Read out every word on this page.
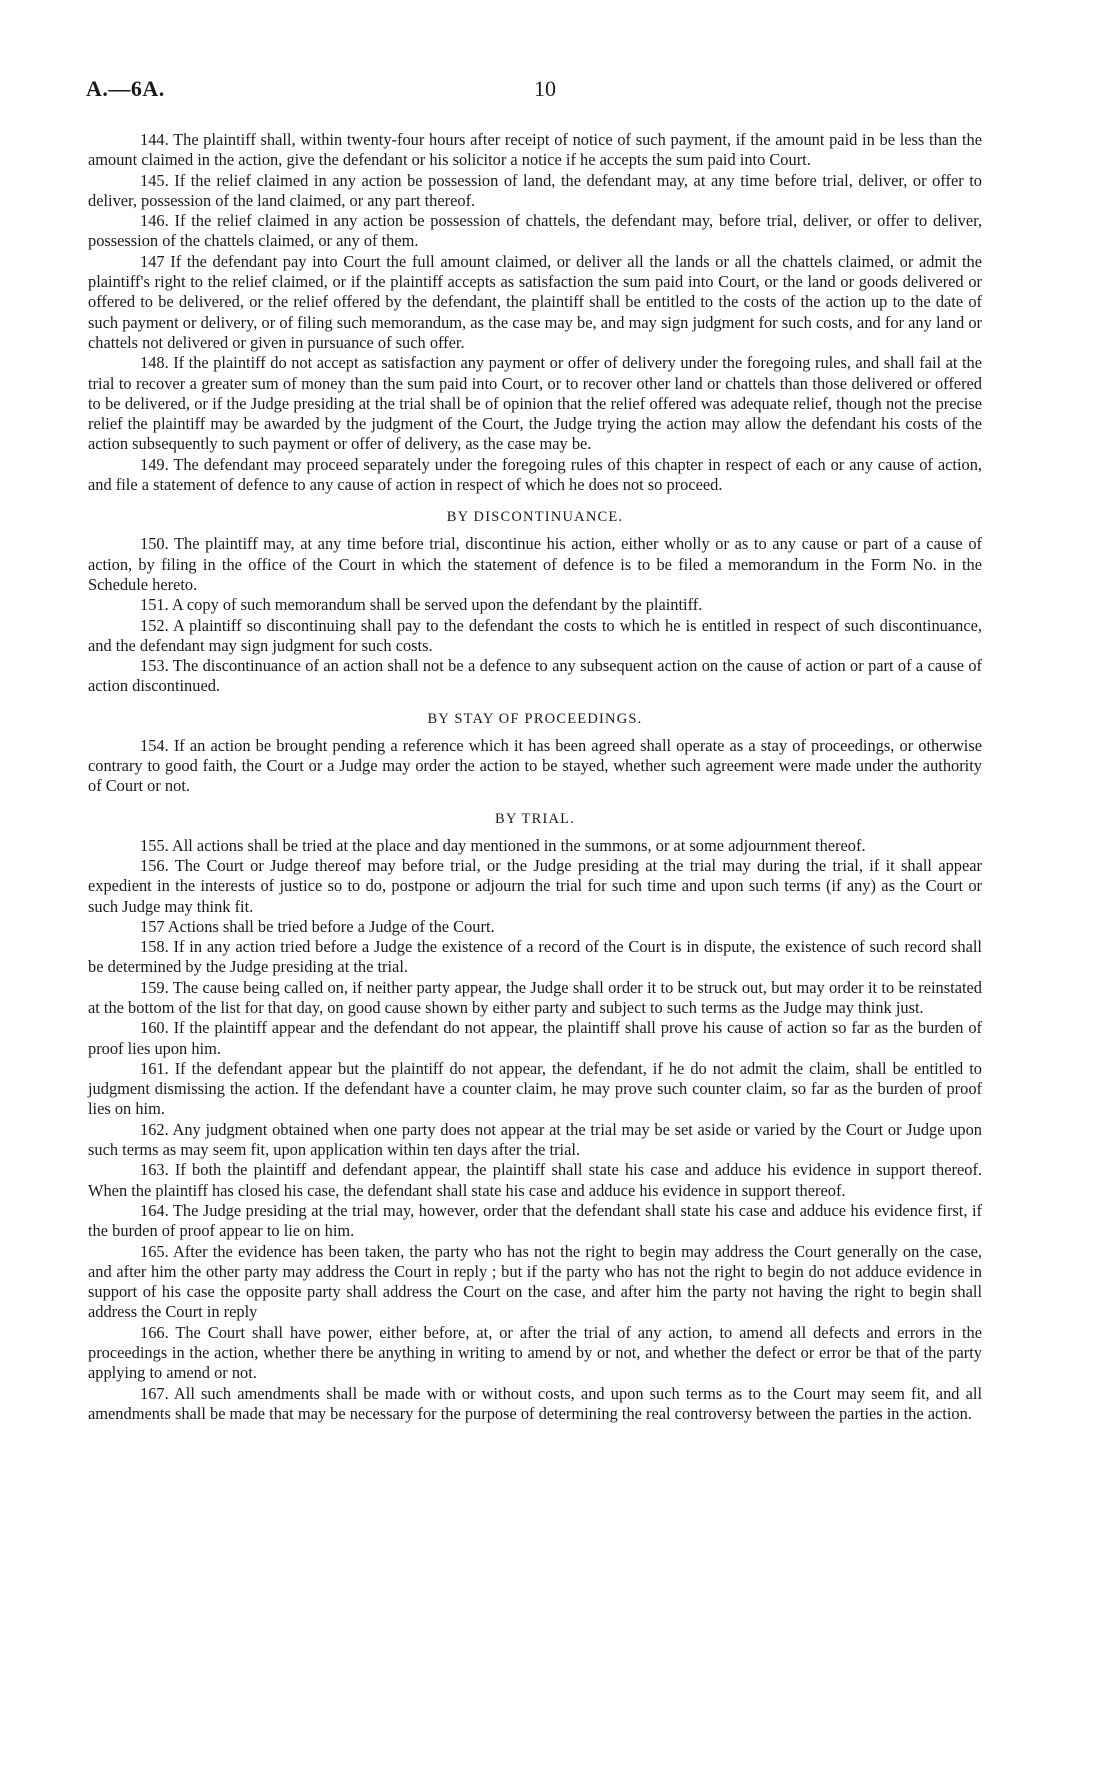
A.—6A.	10

144. The plaintiff shall, within twenty-four hours after receipt of notice of such payment, if the amount paid in be less than the amount claimed in the action, give the defendant or his solicitor a notice if he accepts the sum paid into Court.

145. If the relief claimed in any action be possession of land, the defendant may, at any time before trial, deliver, or offer to deliver, possession of the land claimed, or any part thereof.

146. If the relief claimed in any action be possession of chattels, the defendant may, before trial, deliver, or offer to deliver, possession of the chattels claimed, or any of them.

147 If the defendant pay into Court the full amount claimed, or deliver all the lands or all the chattels claimed, or admit the plaintiff's right to the relief claimed, or if the plaintiff accepts as satisfaction the sum paid into Court, or the land or goods delivered or offered to be delivered, or the relief offered by the defendant, the plaintiff shall be entitled to the costs of the action up to the date of such payment or delivery, or of filing such memorandum, as the case may be, and may sign judgment for such costs, and for any land or chattels not delivered or given in pursuance of such offer.

148. If the plaintiff do not accept as satisfaction any payment or offer of delivery under the foregoing rules, and shall fail at the trial to recover a greater sum of money than the sum paid into Court, or to recover other land or chattels than those delivered or offered to be delivered, or if the Judge presiding at the trial shall be of opinion that the relief offered was adequate relief, though not the precise relief the plaintiff may be awarded by the judgment of the Court, the Judge trying the action may allow the defendant his costs of the action subsequently to such payment or offer of delivery, as the case may be.

149. The defendant may proceed separately under the foregoing rules of this chapter in respect of each or any cause of action, and file a statement of defence to any cause of action in respect of which he does not so proceed.

BY DISCONTINUANCE.

150. The plaintiff may, at any time before trial, discontinue his action, either wholly or as to any cause or part of a cause of action, by filing in the office of the Court in which the statement of defence is to be filed a memorandum in the Form No. in the Schedule hereto.

151. A copy of such memorandum shall be served upon the defendant by the plaintiff.

152. A plaintiff so discontinuing shall pay to the defendant the costs to which he is entitled in respect of such discontinuance, and the defendant may sign judgment for such costs.

153. The discontinuance of an action shall not be a defence to any subsequent action on the cause of action or part of a cause of action discontinued.

BY STAY OF PROCEEDINGS.

154. If an action be brought pending a reference which it has been agreed shall operate as a stay of proceedings, or otherwise contrary to good faith, the Court or a Judge may order the action to be stayed, whether such agreement were made under the authority of Court or not.

BY TRIAL.

155. All actions shall be tried at the place and day mentioned in the summons, or at some adjournment thereof.

156. The Court or Judge thereof may before trial, or the Judge presiding at the trial may during the trial, if it shall appear expedient in the interests of justice so to do, postpone or adjourn the trial for such time and upon such terms (if any) as the Court or such Judge may think fit.

157 Actions shall be tried before a Judge of the Court.

158. If in any action tried before a Judge the existence of a record of the Court is in dispute, the existence of such record shall be determined by the Judge presiding at the trial.

159. The cause being called on, if neither party appear, the Judge shall order it to be struck out, but may order it to be reinstated at the bottom of the list for that day, on good cause shown by either party and subject to such terms as the Judge may think just.

160. If the plaintiff appear and the defendant do not appear, the plaintiff shall prove his cause of action so far as the burden of proof lies upon him.

161. If the defendant appear but the plaintiff do not appear, the defendant, if he do not admit the claim, shall be entitled to judgment dismissing the action. If the defendant have a counter claim, he may prove such counter claim, so far as the burden of proof lies on him.

162. Any judgment obtained when one party does not appear at the trial may be set aside or varied by the Court or Judge upon such terms as may seem fit, upon application within ten days after the trial.

163. If both the plaintiff and defendant appear, the plaintiff shall state his case and adduce his evidence in support thereof. When the plaintiff has closed his case, the defendant shall state his case and adduce his evidence in support thereof.

164. The Judge presiding at the trial may, however, order that the defendant shall state his case and adduce his evidence first, if the burden of proof appear to lie on him.

165. After the evidence has been taken, the party who has not the right to begin may address the Court generally on the case, and after him the other party may address the Court in reply ; but if the party who has not the right to begin do not adduce evidence in support of his case the opposite party shall address the Court on the case, and after him the party not having the right to begin shall address the Court in reply

166. The Court shall have power, either before, at, or after the trial of any action, to amend all defects and errors in the proceedings in the action, whether there be anything in writing to amend by or not, and whether the defect or error be that of the party applying to amend or not.

167. All such amendments shall be made with or without costs, and upon such terms as to the Court may seem fit, and all amendments shall be made that may be necessary for the purpose of determining the real controversy between the parties in the action.
